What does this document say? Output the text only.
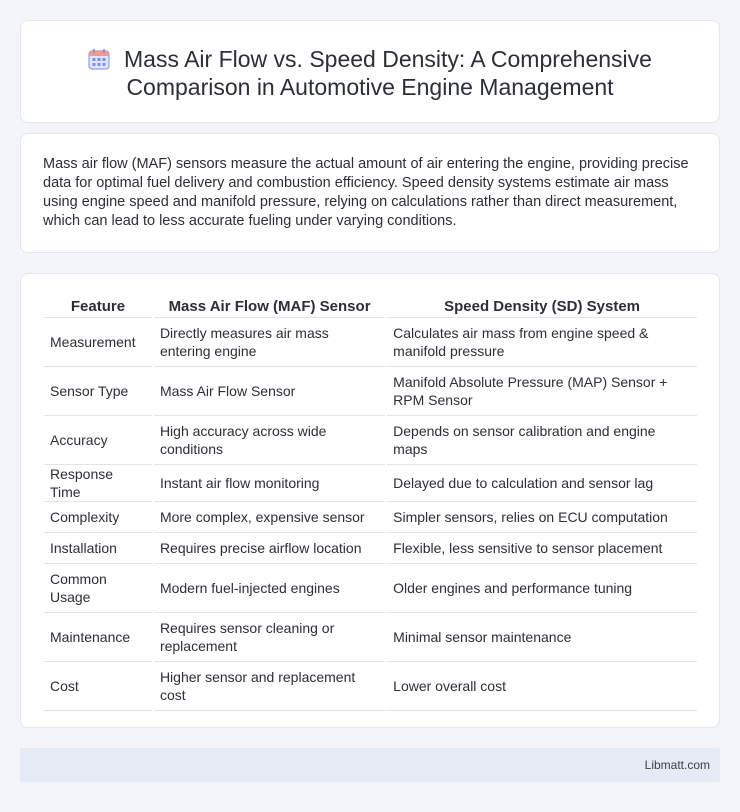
Mass Air Flow vs. Speed Density: A Comprehensive
Comparison in Automotive Engine Management

Mass air flow (MAF) sensors measure the actual amount of air entering the engine, providing precise data for optimal fuel delivery and combustion efficiency. Speed density systems estimate air mass using engine speed and manifold pressure, relying on calculations rather than direct measurement, which can lead to less accurate fueling under varying conditions.

Feature	Mass Air Flow (MAF) Sensor	Speed Density (SD) System
Measurement	Directly measures air mass entering engine	Calculates air mass from engine speed & manifold pressure
Sensor Type	Mass Air Flow Sensor	Manifold Absolute Pressure (MAP) Sensor + RPM Sensor
Accuracy	High accuracy across wide conditions	Depends on sensor calibration and engine maps
Response Time	Instant air flow monitoring	Delayed due to calculation and sensor lag
Complexity	More complex, expensive sensor	Simpler sensors, relies on ECU computation
Installation	Requires precise airflow location	Flexible, less sensitive to sensor placement
Common Usage	Modern fuel-injected engines	Older engines and performance tuning
Maintenance	Requires sensor cleaning or replacement	Minimal sensor maintenance
Cost	Higher sensor and replacement cost	Lower overall cost
Libmatt.com
